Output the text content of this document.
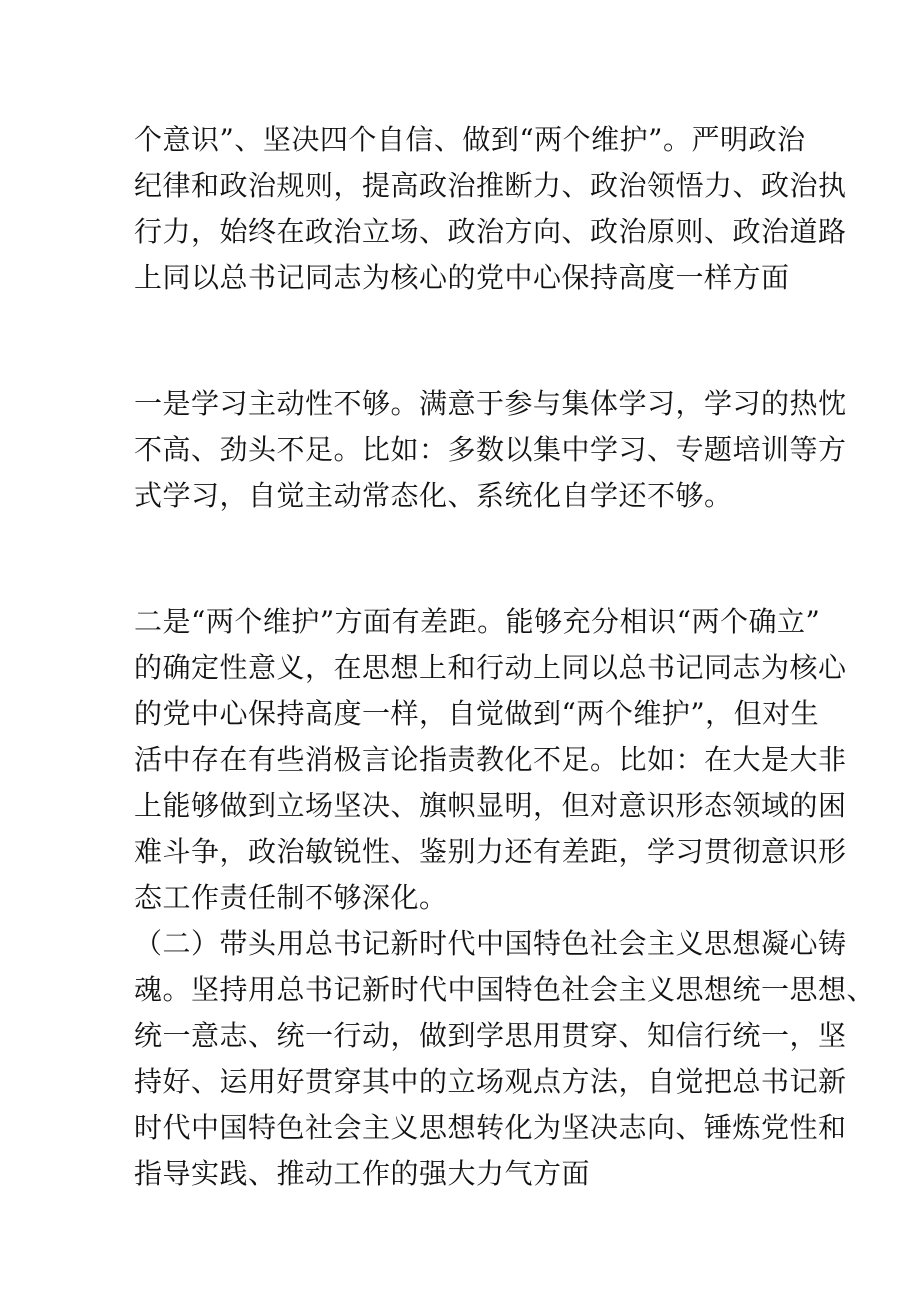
个意识”、坚决四个自信、做到“两个维护”。严明政治
纪律和政治规则，提高政治推断力、政治领悟力、政治执
行力，始终在政治立场、政治方向、政治原则、政治道路
上同以总书记同志为核心的党中心保持高度一样方面
一是学习主动性不够。满意于参与集体学习，学习的热忱
不高、劲头不足。比如：多数以集中学习、专题培训等方
式学习，自觉主动常态化、系统化自学还不够。
二是“两个维护”方面有差距。能够充分相识“两个确立”
的确定性意义，在思想上和行动上同以总书记同志为核心
的党中心保持高度一样，自觉做到“两个维护”，但对生
活中存在有些消极言论指责教化不足。比如：在大是大非
上能够做到立场坚决、旗帜显明，但对意识形态领域的困
难斗争，政治敏锐性、鉴别力还有差距，学习贯彻意识形
态工作责任制不够深化。
（二）带头用总书记新时代中国特色社会主义思想凝心铸
魂。坚持用总书记新时代中国特色社会主义思想统一思想、
统一意志、统一行动，做到学思用贯穿、知信行统一，坚
持好、运用好贯穿其中的立场观点方法，自觉把总书记新
时代中国特色社会主义思想转化为坚决志向、锤炼党性和
指导实践、推动工作的强大力气方面
